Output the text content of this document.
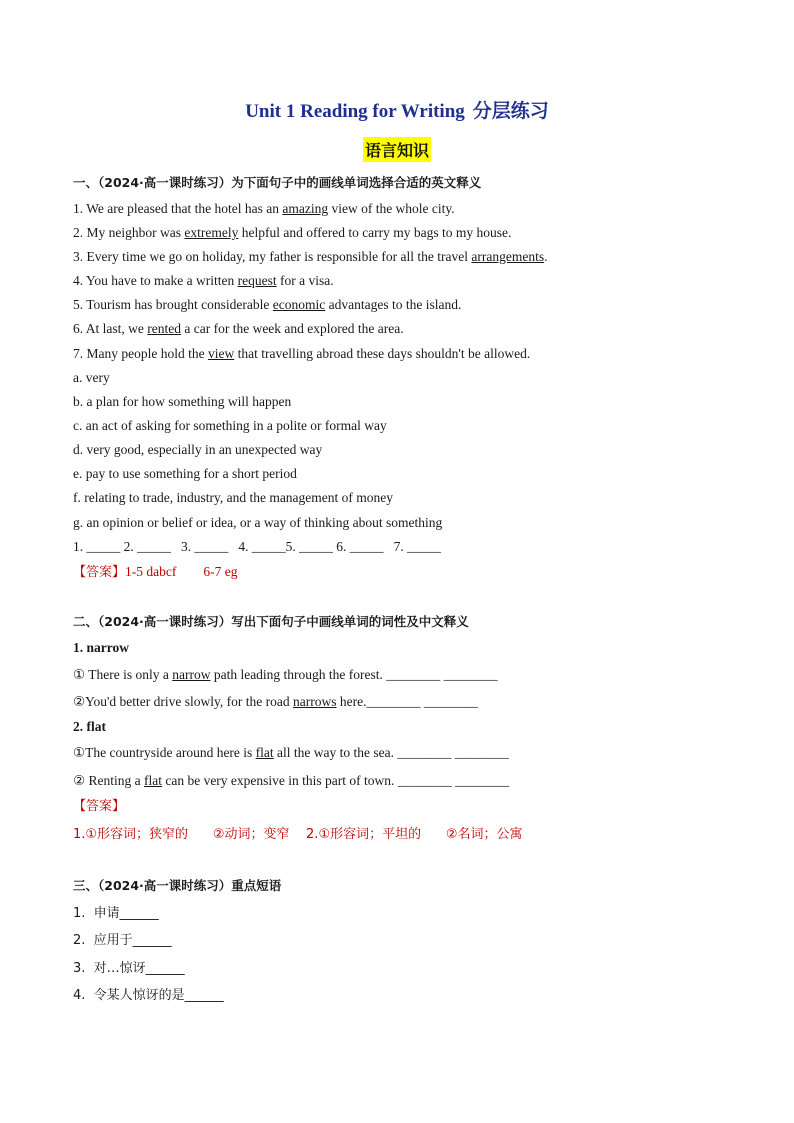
Unit 1 Reading for Writing 分层练习
语言知识
一、（2024·高一课时练习）为下面句子中的画线单词选择合适的英文释义
1. We are pleased that the hotel has an amazing view of the whole city.
2. My neighbor was extremely helpful and offered to carry my bags to my house.
3. Every time we go on holiday, my father is responsible for all the travel arrangements.
4. You have to make a written request for a visa.
5. Tourism has brought considerable economic advantages to the island.
6. At last, we rented a car for the week and explored the area.
7. Many people hold the view that travelling abroad these days shouldn't be allowed.
a. very
b. a plan for how something will happen
c. an act of asking for something in a polite or formal way
d. very good, especially in an unexpected way
e. pay to use something for a short period
f. relating to trade, industry, and the management of money
g. an opinion or belief or idea, or a way of thinking about something
1. _____ 2. _____   3. _____   4. _____5. _____ 6. _____   7. _____
【答案】1-5 dabcf        6-7 eg
二、（2024·高一课时练习）写出下面句子中画线单词的词性及中文释义
1. narrow
① There is only a narrow path leading through the forest. ________ ________
②You'd better drive slowly, for the road narrows here.________ ________
2. flat
①The countryside around here is flat all the way to the sea. ________ ________
② Renting a flat can be very expensive in this part of town. ________ ________
【答案】
1.①形容词；狭窄的      ②动词；变窄    2.①形容词；平坦的      ②名词；公寓
三、（2024·高一课时练习）重点短语
1.  申请______
2.  应用于______
3.  对…惊讶______
4.  令某人惊讶的是______
